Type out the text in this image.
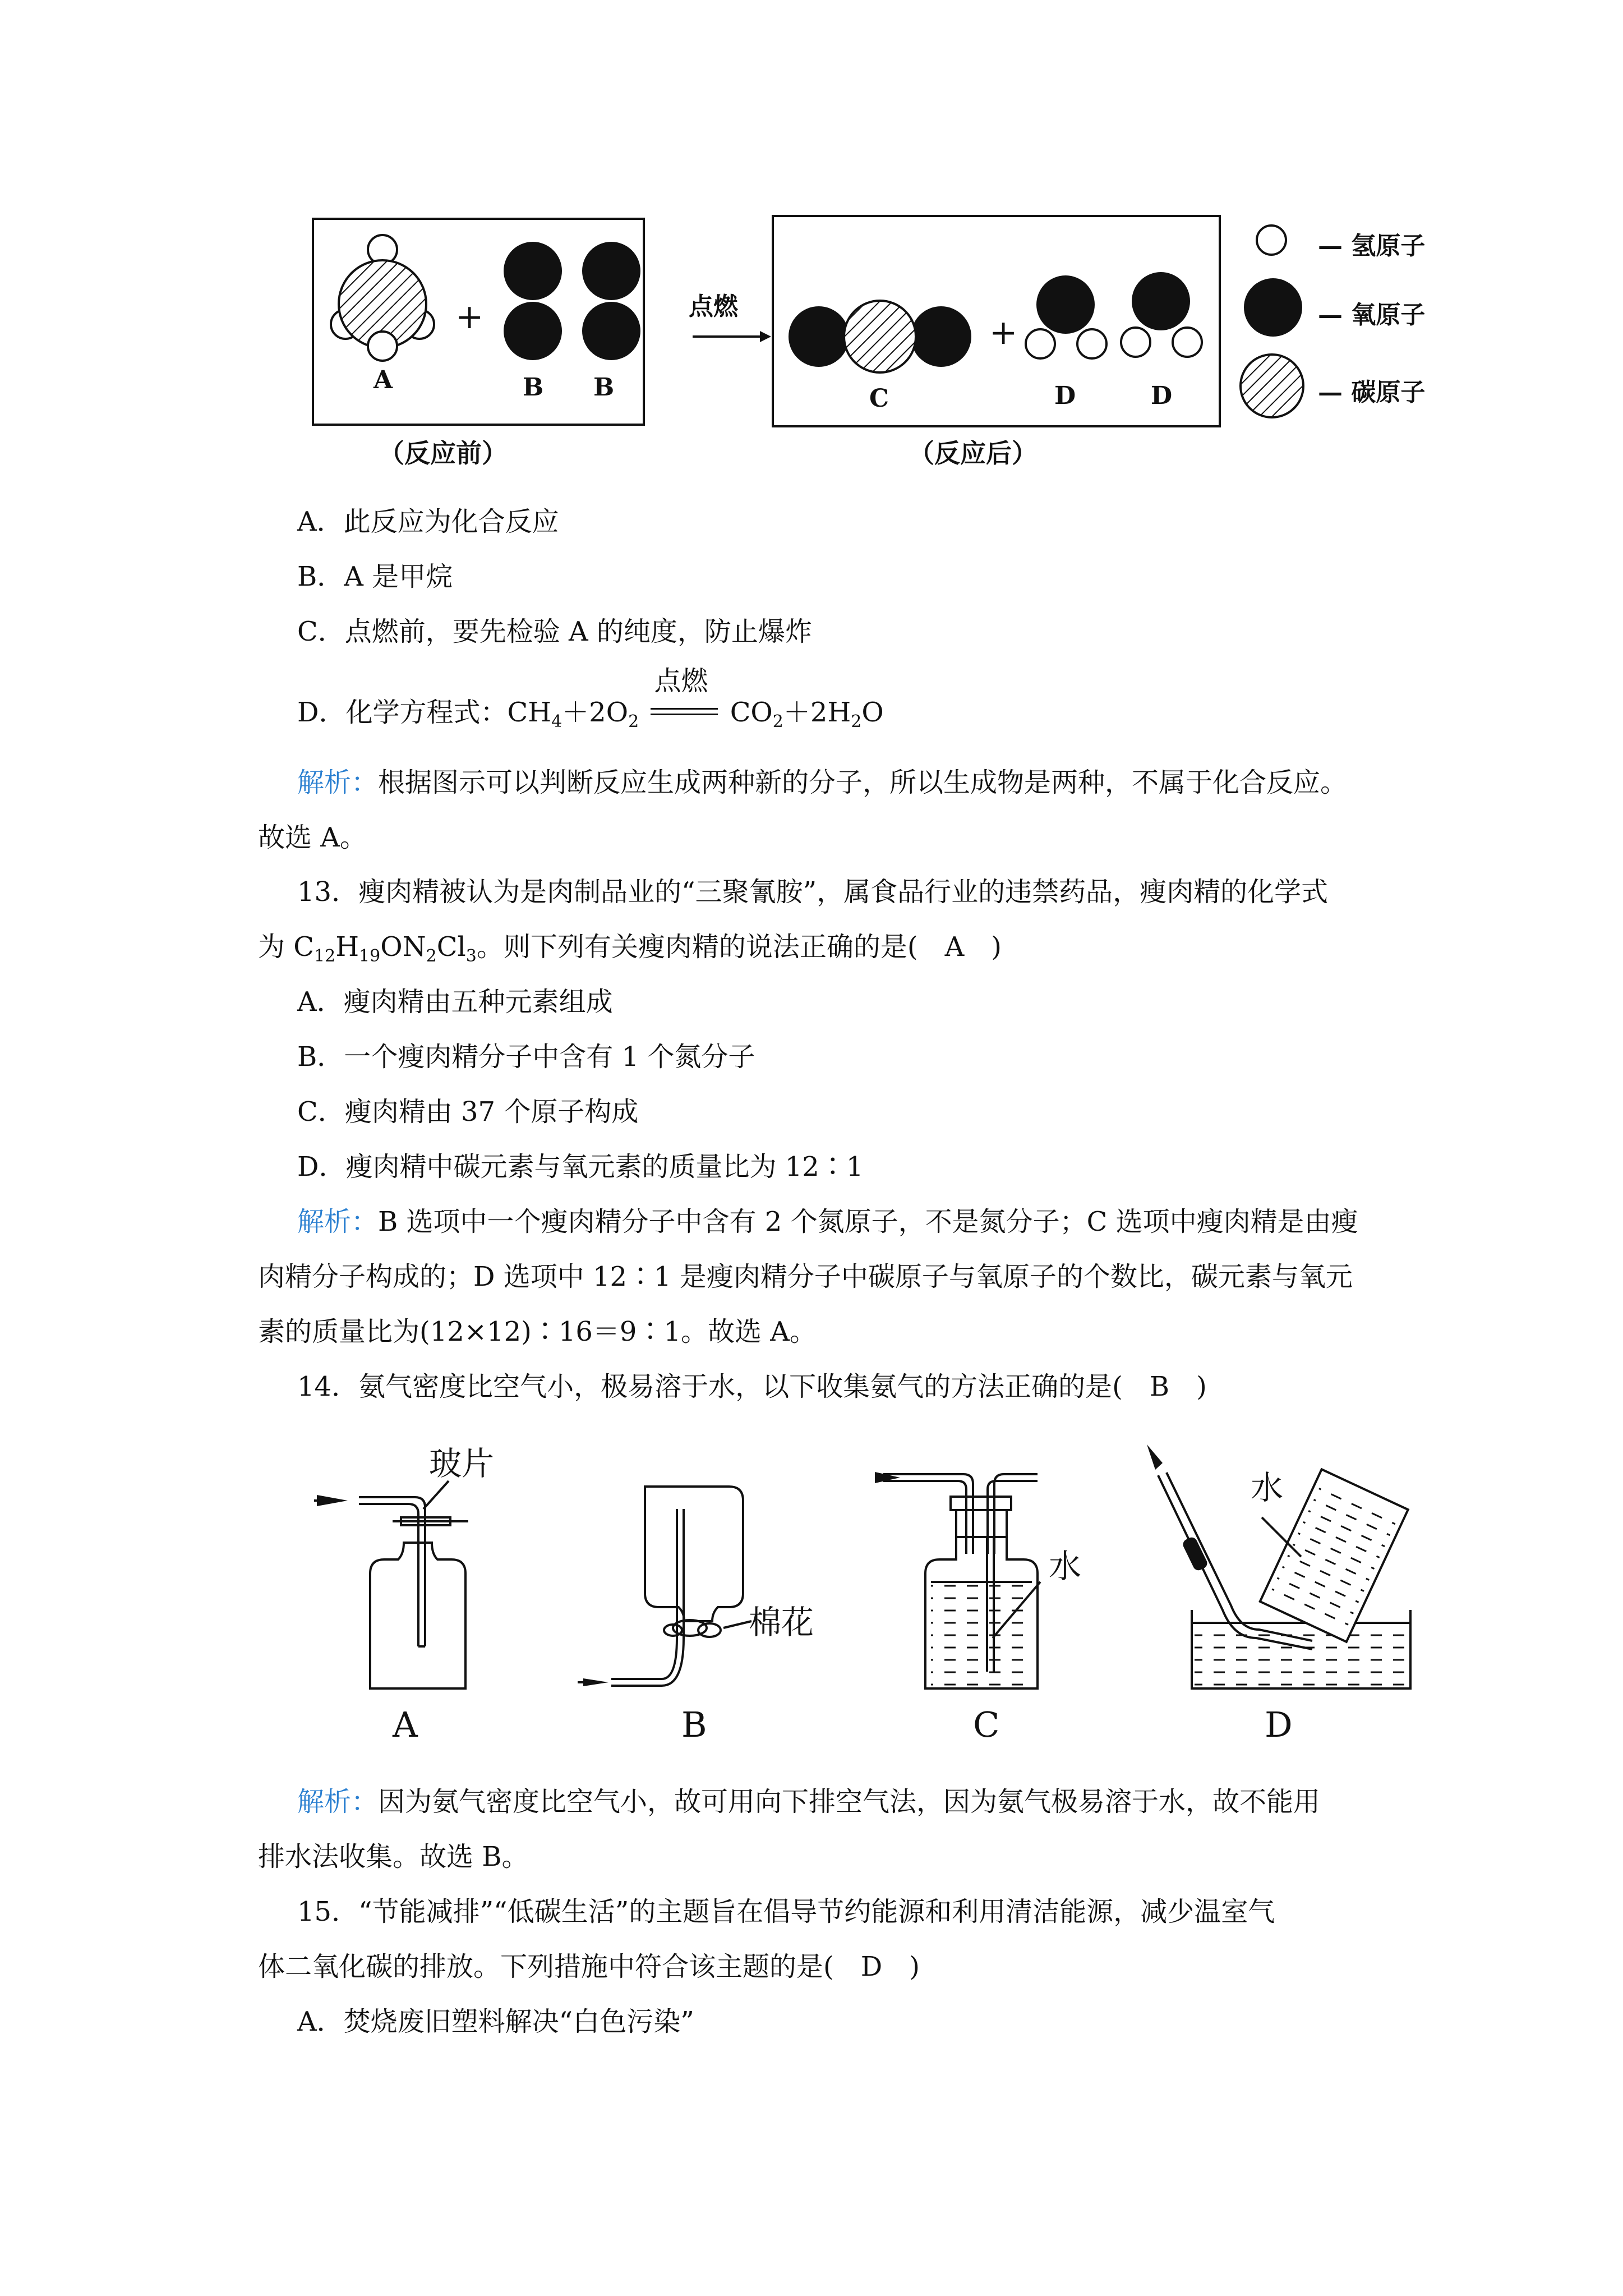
A	B B
+	点燃
C
+
D	D
（反应前）	（反应后）
— 氢原子
— 氧原子
— 碳原子
A．此反应为化合反应
B．A 是甲烷
C．点燃前，要先检验 A 的纯度，防止爆炸
D．化学方程式：$CH_4+2O_2$
点燃
$CO_2+2H_2O$
解析：根据图示可以判断反应生成两种新的分子，所以生成物是两种，不属于化合反应。
故选 A。
13．瘦肉精被认为是肉制品业的“三聚氰胺”，属食品行业的违禁药品，瘦肉精的化学式
为 $C_{12}H_{19}ON_2Cl_3$。则下列有关瘦肉精的说法正确的是(　A　)
A．瘦肉精由五种元素组成
B．一个瘦肉精分子中含有 1 个氮分子
C．瘦肉精由 37 个原子构成
D．瘦肉精中碳元素与氧元素的质量比为 12∶1
解析：B 选项中一个瘦肉精分子中含有 2 个氮原子，不是氮分子；C 选项中瘦肉精是由瘦
肉精分子构成的；D 选项中 12∶1 是瘦肉精分子中碳原子与氧原子的个数比，碳元素与氧元
素的质量比为(12×12)∶16＝9∶1。故选 A。
14．氨气密度比空气小，极易溶于水，以下收集氨气的方法正确的是(　B　)
玻片
棉花
水
水
A	B	C	D
解析：因为氨气密度比空气小，故可用向下排空气法，因为氨气极易溶于水，故不能用
排水法收集。故选 B。
15．“节能减排”“低碳生活”的主题旨在倡导节约能源和利用清洁能源，减少温室气
体二氧化碳的排放。下列措施中符合该主题的是(　D　)
A．焚烧废旧塑料解决“白色污染”
